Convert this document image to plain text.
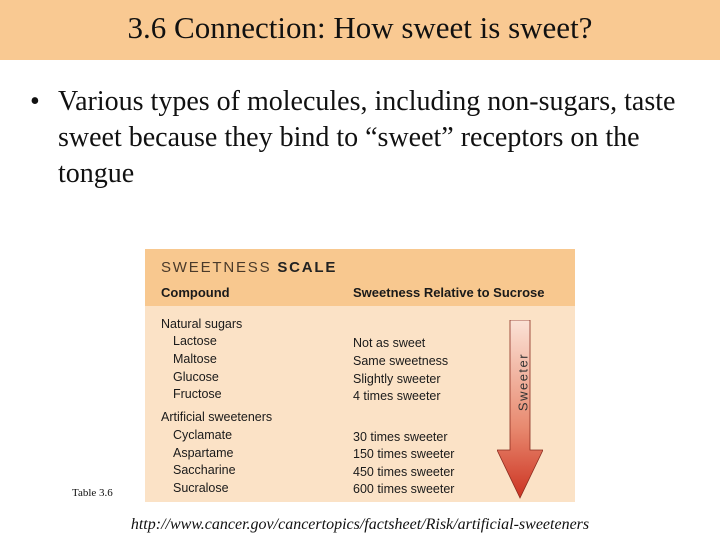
3.6 Connection: How sweet is sweet?
• Various types of molecules, including non-sugars, taste sweet because they bind to “sweet” receptors on the tongue
SWEETNESS SCALE
Compound	Sweetness Relative to Sucrose
Natural sugars
Lactose	Not as sweet
Maltose	Same sweetness
Glucose	Slightly sweeter
Fructose	4 times sweeter
Artificial sweeteners
Cyclamate	30 times sweeter
Aspartame	150 times sweeter
Saccharine	450 times sweeter
Sucralose	600 times sweeter
Sweeter
Table 3.6
http://www.cancer.gov/cancertopics/factsheet/Risk/artificial-sweeteners
